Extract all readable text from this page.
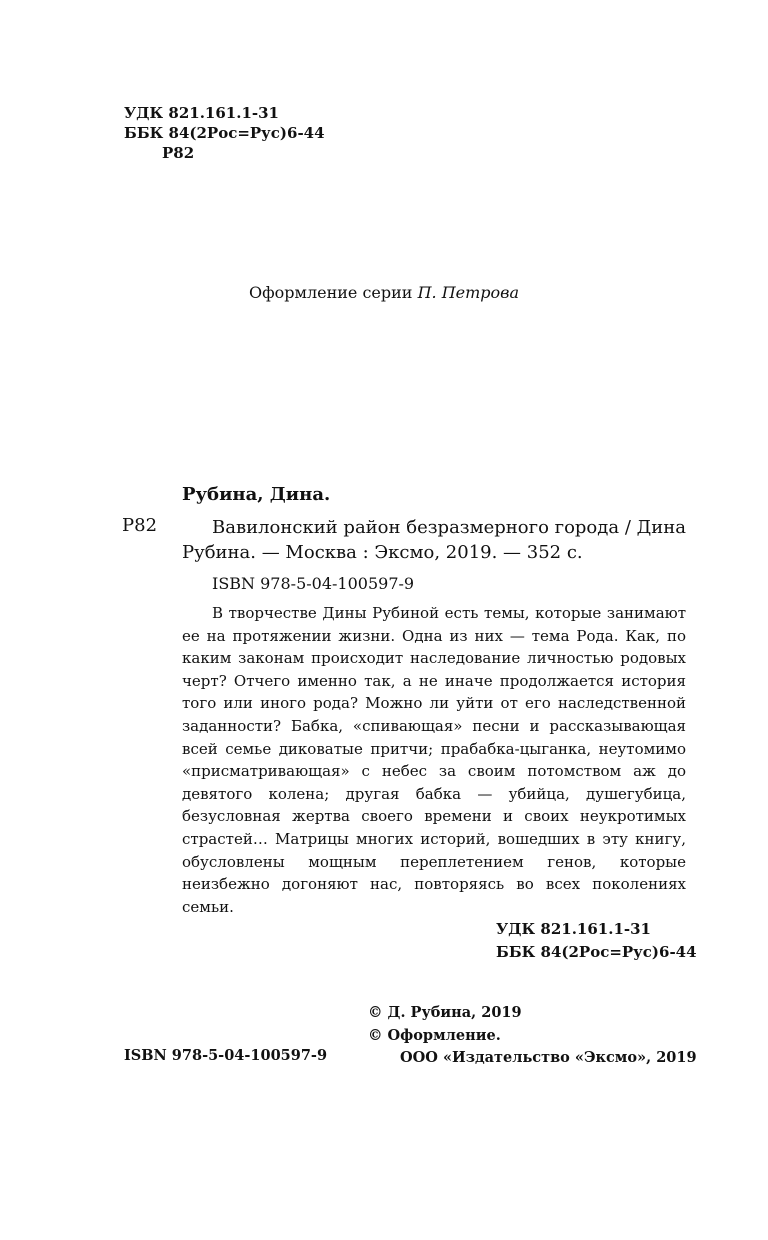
УДК 821.161.1-31
ББК 84(2Рос=Рус)6-44
Р82
Оформление серии П. Петрова
Рубина, Дина.
Р82	Вавилонский район безразмерного города / Дина Рубина. — Москва : Эксмо, 2019. — 352 с.
ISBN 978-5-04-100597-9
В творчестве Дины Рубиной есть темы, которые занимают ее на протяжении жизни. Одна из них — тема Рода. Как, по каким законам происходит наследование личностью родовых черт? Отчего именно так, а не иначе продолжается история того или иного рода? Можно ли уйти от его наследственной заданности? Бабка, «спивающая» песни и рассказывающая всей семье диковатые притчи; прабабка-цыганка, неутомимо «присматривающая» с небес за своим потомством аж до девятого колена; другая бабка — убийца, душегубица, безусловная жертва своего времени и своих неукротимых страстей… Матрицы многих историй, вошедших в эту книгу, обусловлены мощным переплетением генов, которые неизбежно догоняют нас, повторяясь во всех поколениях семьи.
УДК 821.161.1-31
ББК 84(2Рос=Рус)6-44
© Д. Рубина, 2019
© Оформление.
ООО «Издательство «Эксмо», 2019
ISBN 978-5-04-100597-9
